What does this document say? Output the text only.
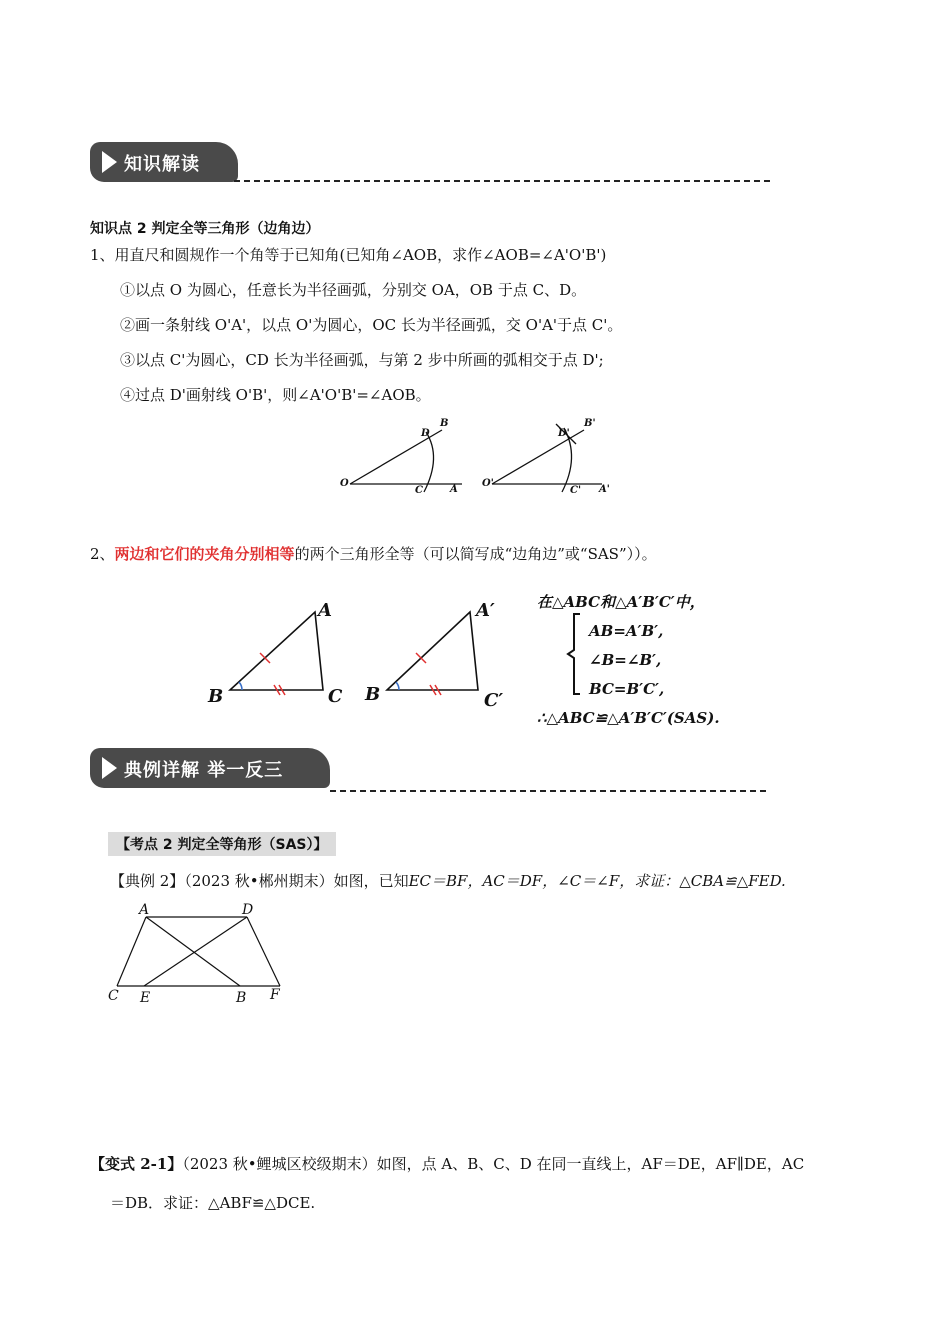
知识解读
知识点 2 判定全等三角形（边角边）
1、用直尺和圆规作一个角等于已知角(已知角∠AOB，求作∠AOB=∠A'O'B')
①以点 O 为圆心，任意长为半径画弧，分别交 OA，OB 于点 C、D。
②画一条射线 O'A'，以点 O'为圆心，OC 长为半径画弧，交 O'A'于点 C'。
③以点 C'为圆心，CD 长为半径画弧，与第 2 步中所画的弧相交于点 D';
④过点 D'画射线 O'B'，则∠A'O'B'=∠AOB。
O
C	A
D
B
O'
C' A'
D'
B'
2、两边和它们的夹角分别相等的两个三角形全等（可以简写成“边角边”或“SAS”））。
A
B	C
A′
B	C′
在△ABC和△A′B′C′中，
AB=A′B′,
∠B=∠B′,
BC=B′C′,
∴△ABC≌△A′B′C′(SAS).
典例详解 举一反三
【考点 2 判定全等角形（SAS）】
【典例 2】（2023 秋•郴州期末）如图，已知EC＝BF，AC＝DF，∠C＝∠F，求证：△CBA≌△FED.
A	D
C E	B F
【变式 2-1】（2023 秋•鲤城区校级期末）如图，点 A、B、C、D 在同一直线上，AF＝DE，AF∥DE，AC
＝DB．求证：△ABF≌△DCE.
